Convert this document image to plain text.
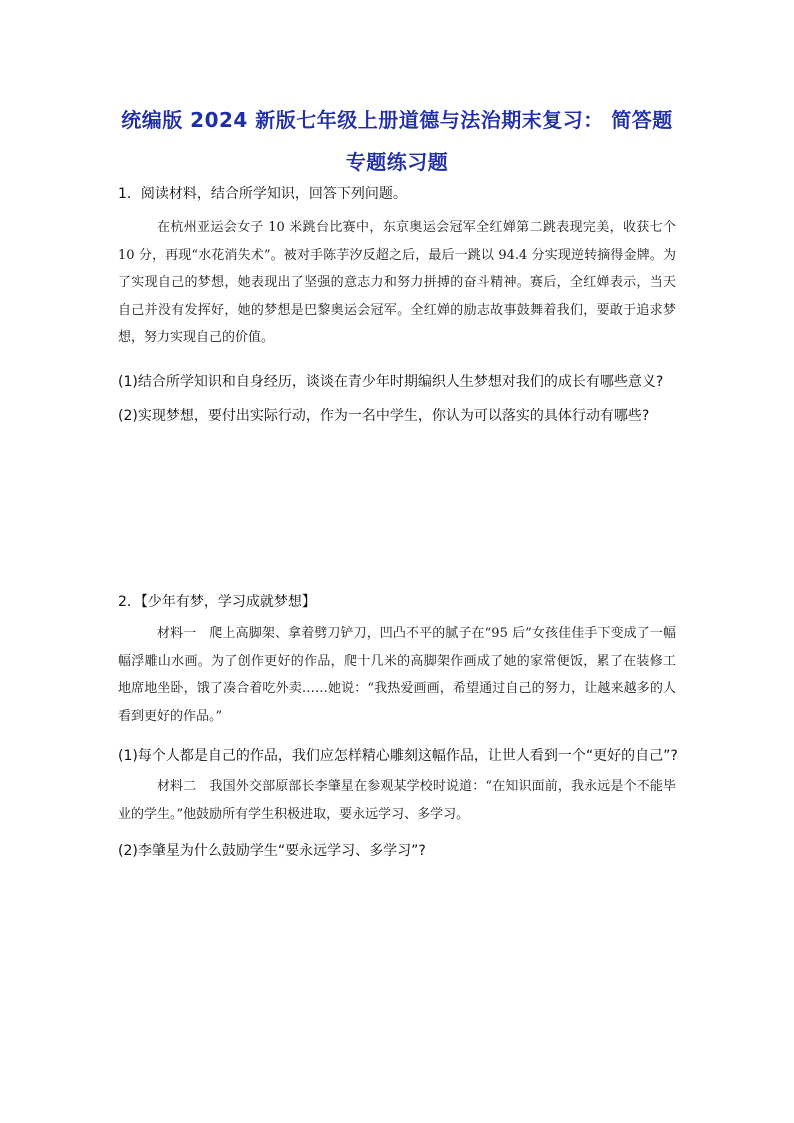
统编版 2024 新版七年级上册道德与法治期末复习： 简答题
专题练习题
1．阅读材料，结合所学知识，回答下列问题。

在杭州亚运会女子 10 米跳台比赛中，东京奥运会冠军全红婵第二跳表现完美，收获七个 10 分，再现“水花消失术”。被对手陈芋汐反超之后，最后一跳以 94.4 分实现逆转摘得金牌。为了实现自己的梦想，她表现出了坚强的意志力和努力拼搏的奋斗精神。赛后，全红婵表示，当天自己并没有发挥好，她的梦想是巴黎奥运会冠军。全红婵的励志故事鼓舞着我们，要敢于追求梦想，努力实现自己的价值。

(1)结合所学知识和自身经历，谈谈在青少年时期编织人生梦想对我们的成长有哪些意义?
(2)实现梦想，要付出实际行动，作为一名中学生，你认为可以落实的具体行动有哪些?
2．【少年有梦，学习成就梦想】

材料一　爬上高脚架、拿着劈刀铲刀，凹凸不平的腻子在“95 后”女孩佳佳手下变成了一幅幅浮雕山水画。为了创作更好的作品，爬十几米的高脚架作画成了她的家常便饭，累了在装修工地席地坐卧，饿了凑合着吃外卖……她说：“我热爱画画，希望通过自己的努力，让越来越多的人看到更好的作品。”

(1)每个人都是自己的作品，我们应怎样精心雕刻这幅作品，让世人看到一个“更好的自己”?

材料二　我国外交部原部长李肇星在参观某学校时说道：“在知识面前，我永远是个不能毕业的学生。”他鼓励所有学生积极进取，要永远学习、多学习。

(2)李肇星为什么鼓励学生“要永远学习、多学习”?
